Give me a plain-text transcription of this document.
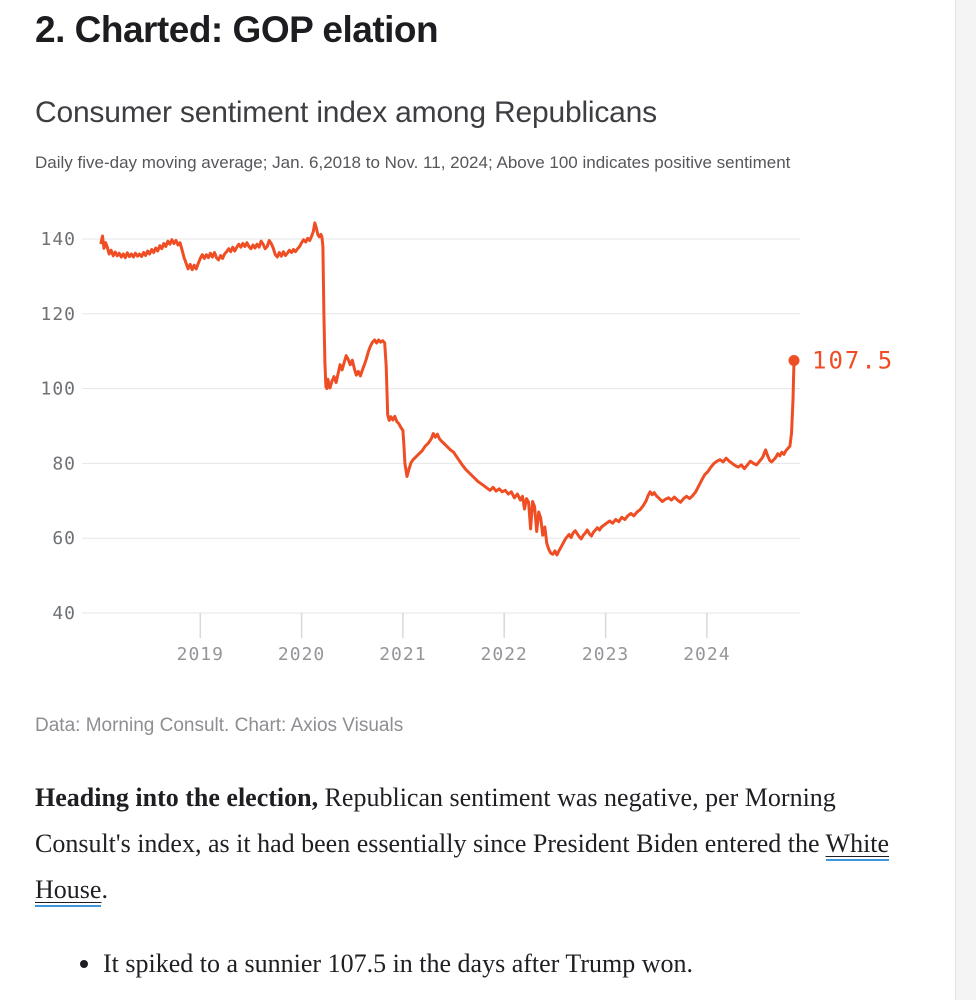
2. Charted: GOP elation
Consumer sentiment index among Republicans

Daily five-day moving average; Jan. 6,2018 to Nov. 11, 2024; Above 100 indicates positive sentiment

40
60
80
100
120
140
2019	2020	2021	2022	2023	2024
107.5

Data: Morning Consult. Chart: Axios Visuals

Heading into the election, Republican sentiment was negative, per Morning Consult's index, as it had been essentially since President Biden entered the White House.

It spiked to a sunnier 107.5 in the days after Trump won.
